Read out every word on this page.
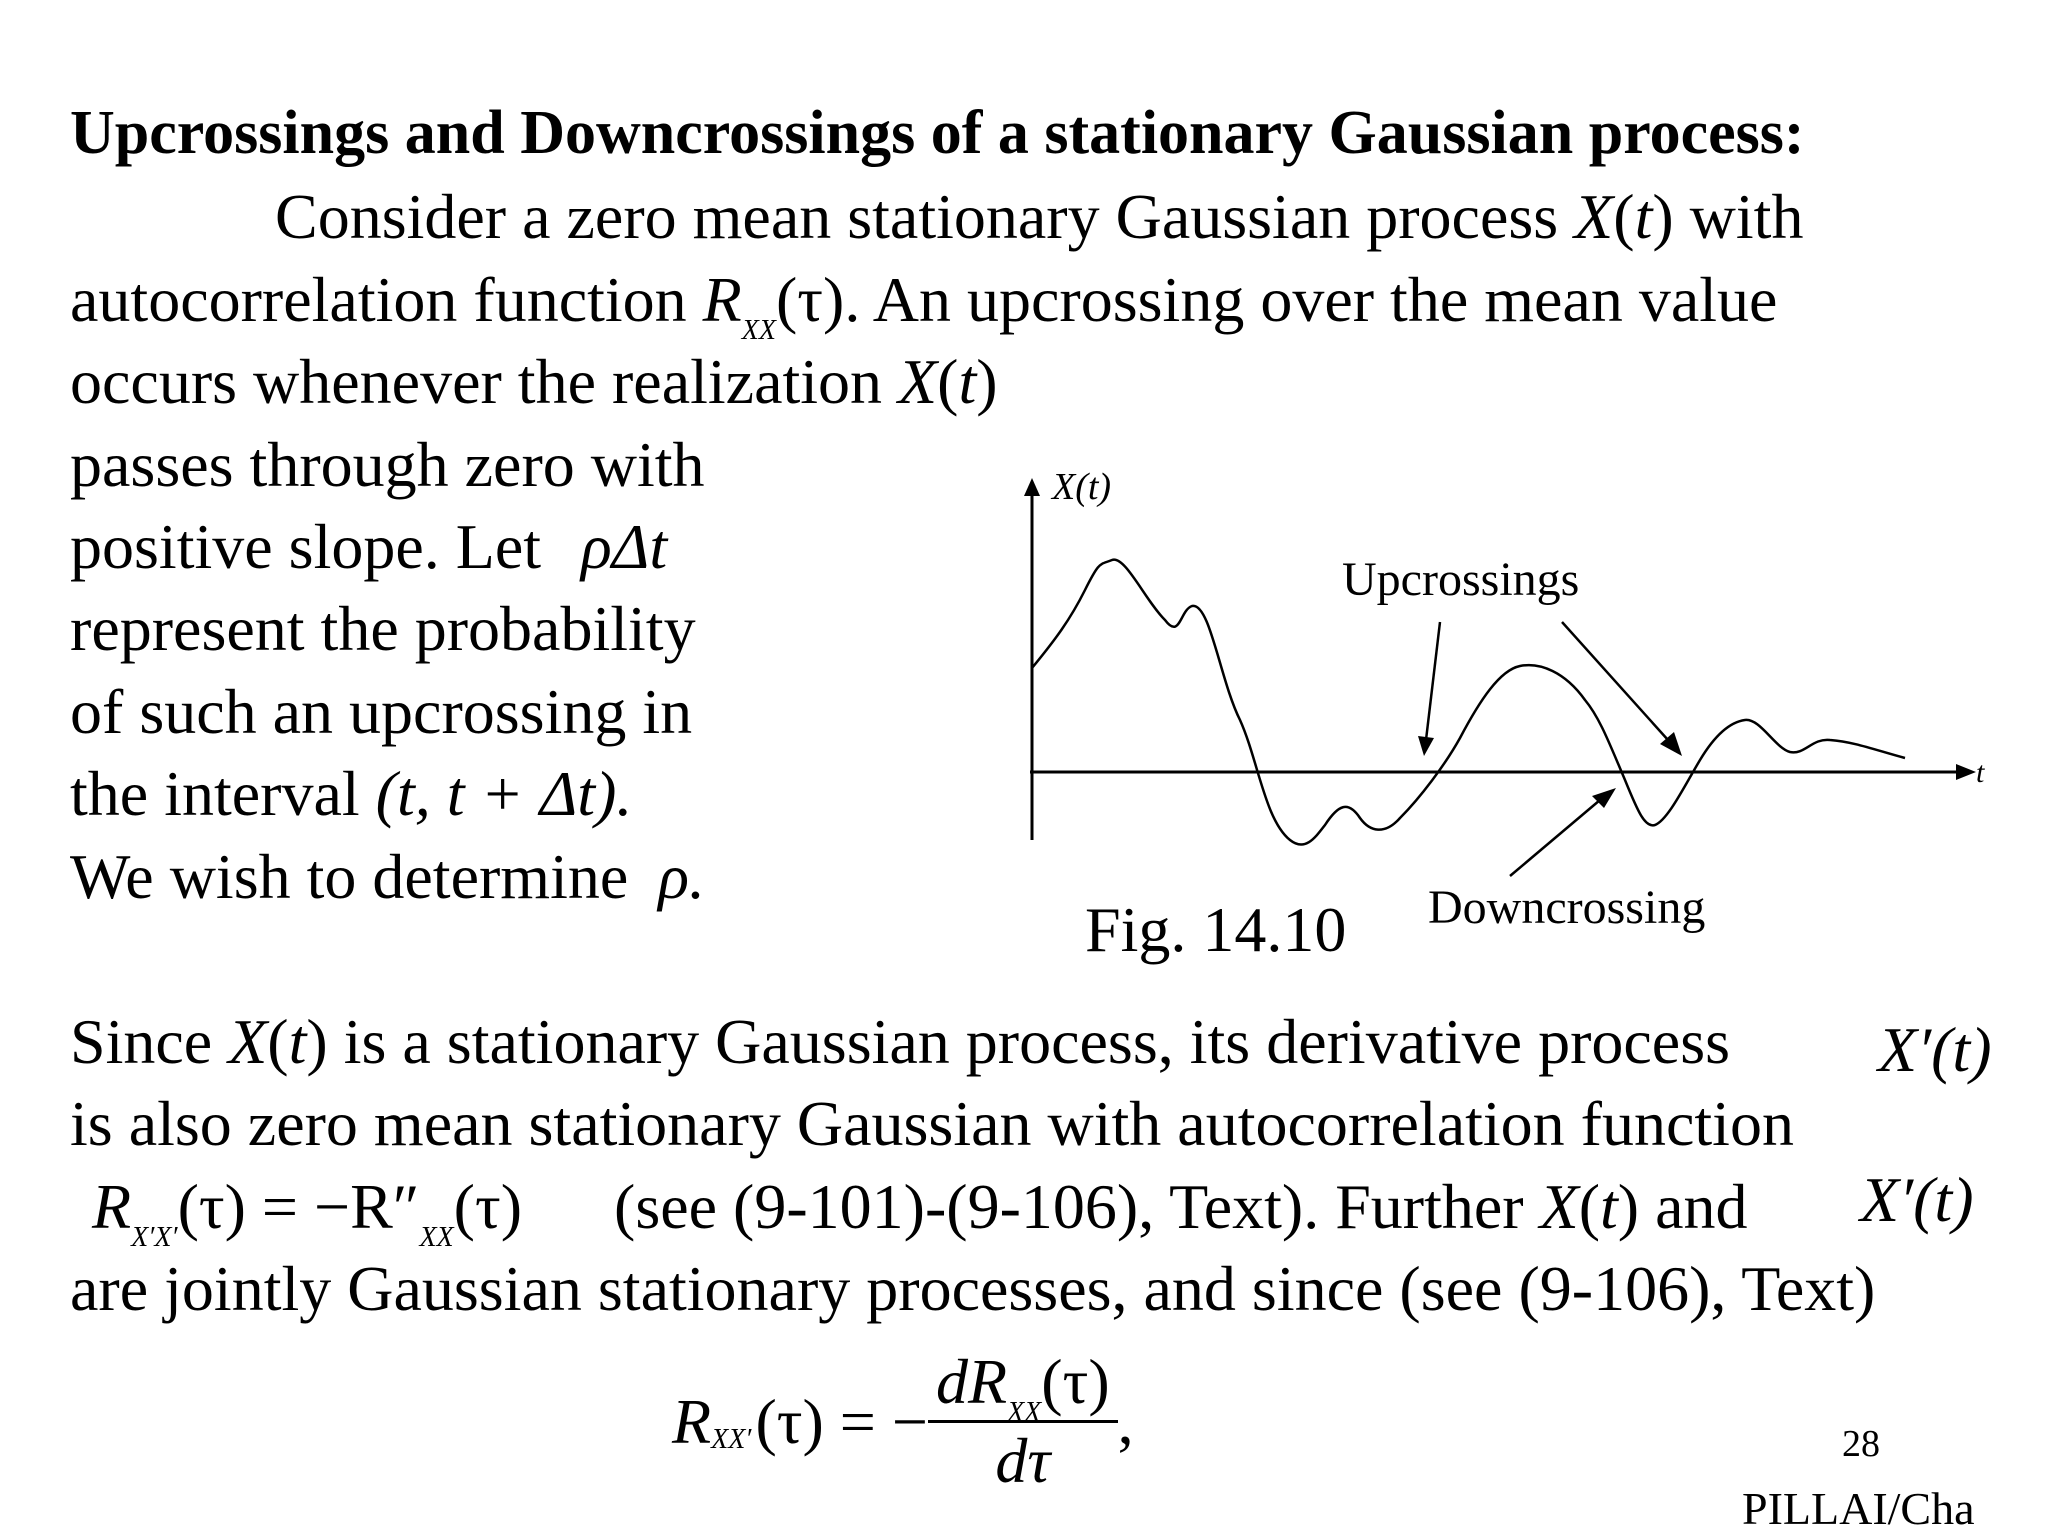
Upcrossings and Downcrossings of a stationary Gaussian process:
Consider a zero mean stationary Gaussian process X(t) with
autocorrelation function $R_{XX}(\tau)$. An upcrossing over the mean value
occurs whenever the realization X(t)
passes through zero with
positive slope. Let ρΔt
represent the probability
of such an upcrossing in
the interval (t, t + Δt).
We wish to determine ρ.
X(t)
t
Upcrossings
Downcrossing
Fig. 14.10
Since X(t) is a stationary Gaussian process, its derivative process X′(t)
is also zero mean stationary Gaussian with autocorrelation function
$R_{X'X'}(\tau) = -R''_{XX}(\tau)$ (see (9-101)-(9-106), Text). Further X(t) and X′(t)
are jointly Gaussian stationary processes, and since (see (9-106), Text)
R XX′ (τ) = − $\frac{dR_{XX}(\tau)}{d\tau}$ ,	28
PILLAI/Cha
